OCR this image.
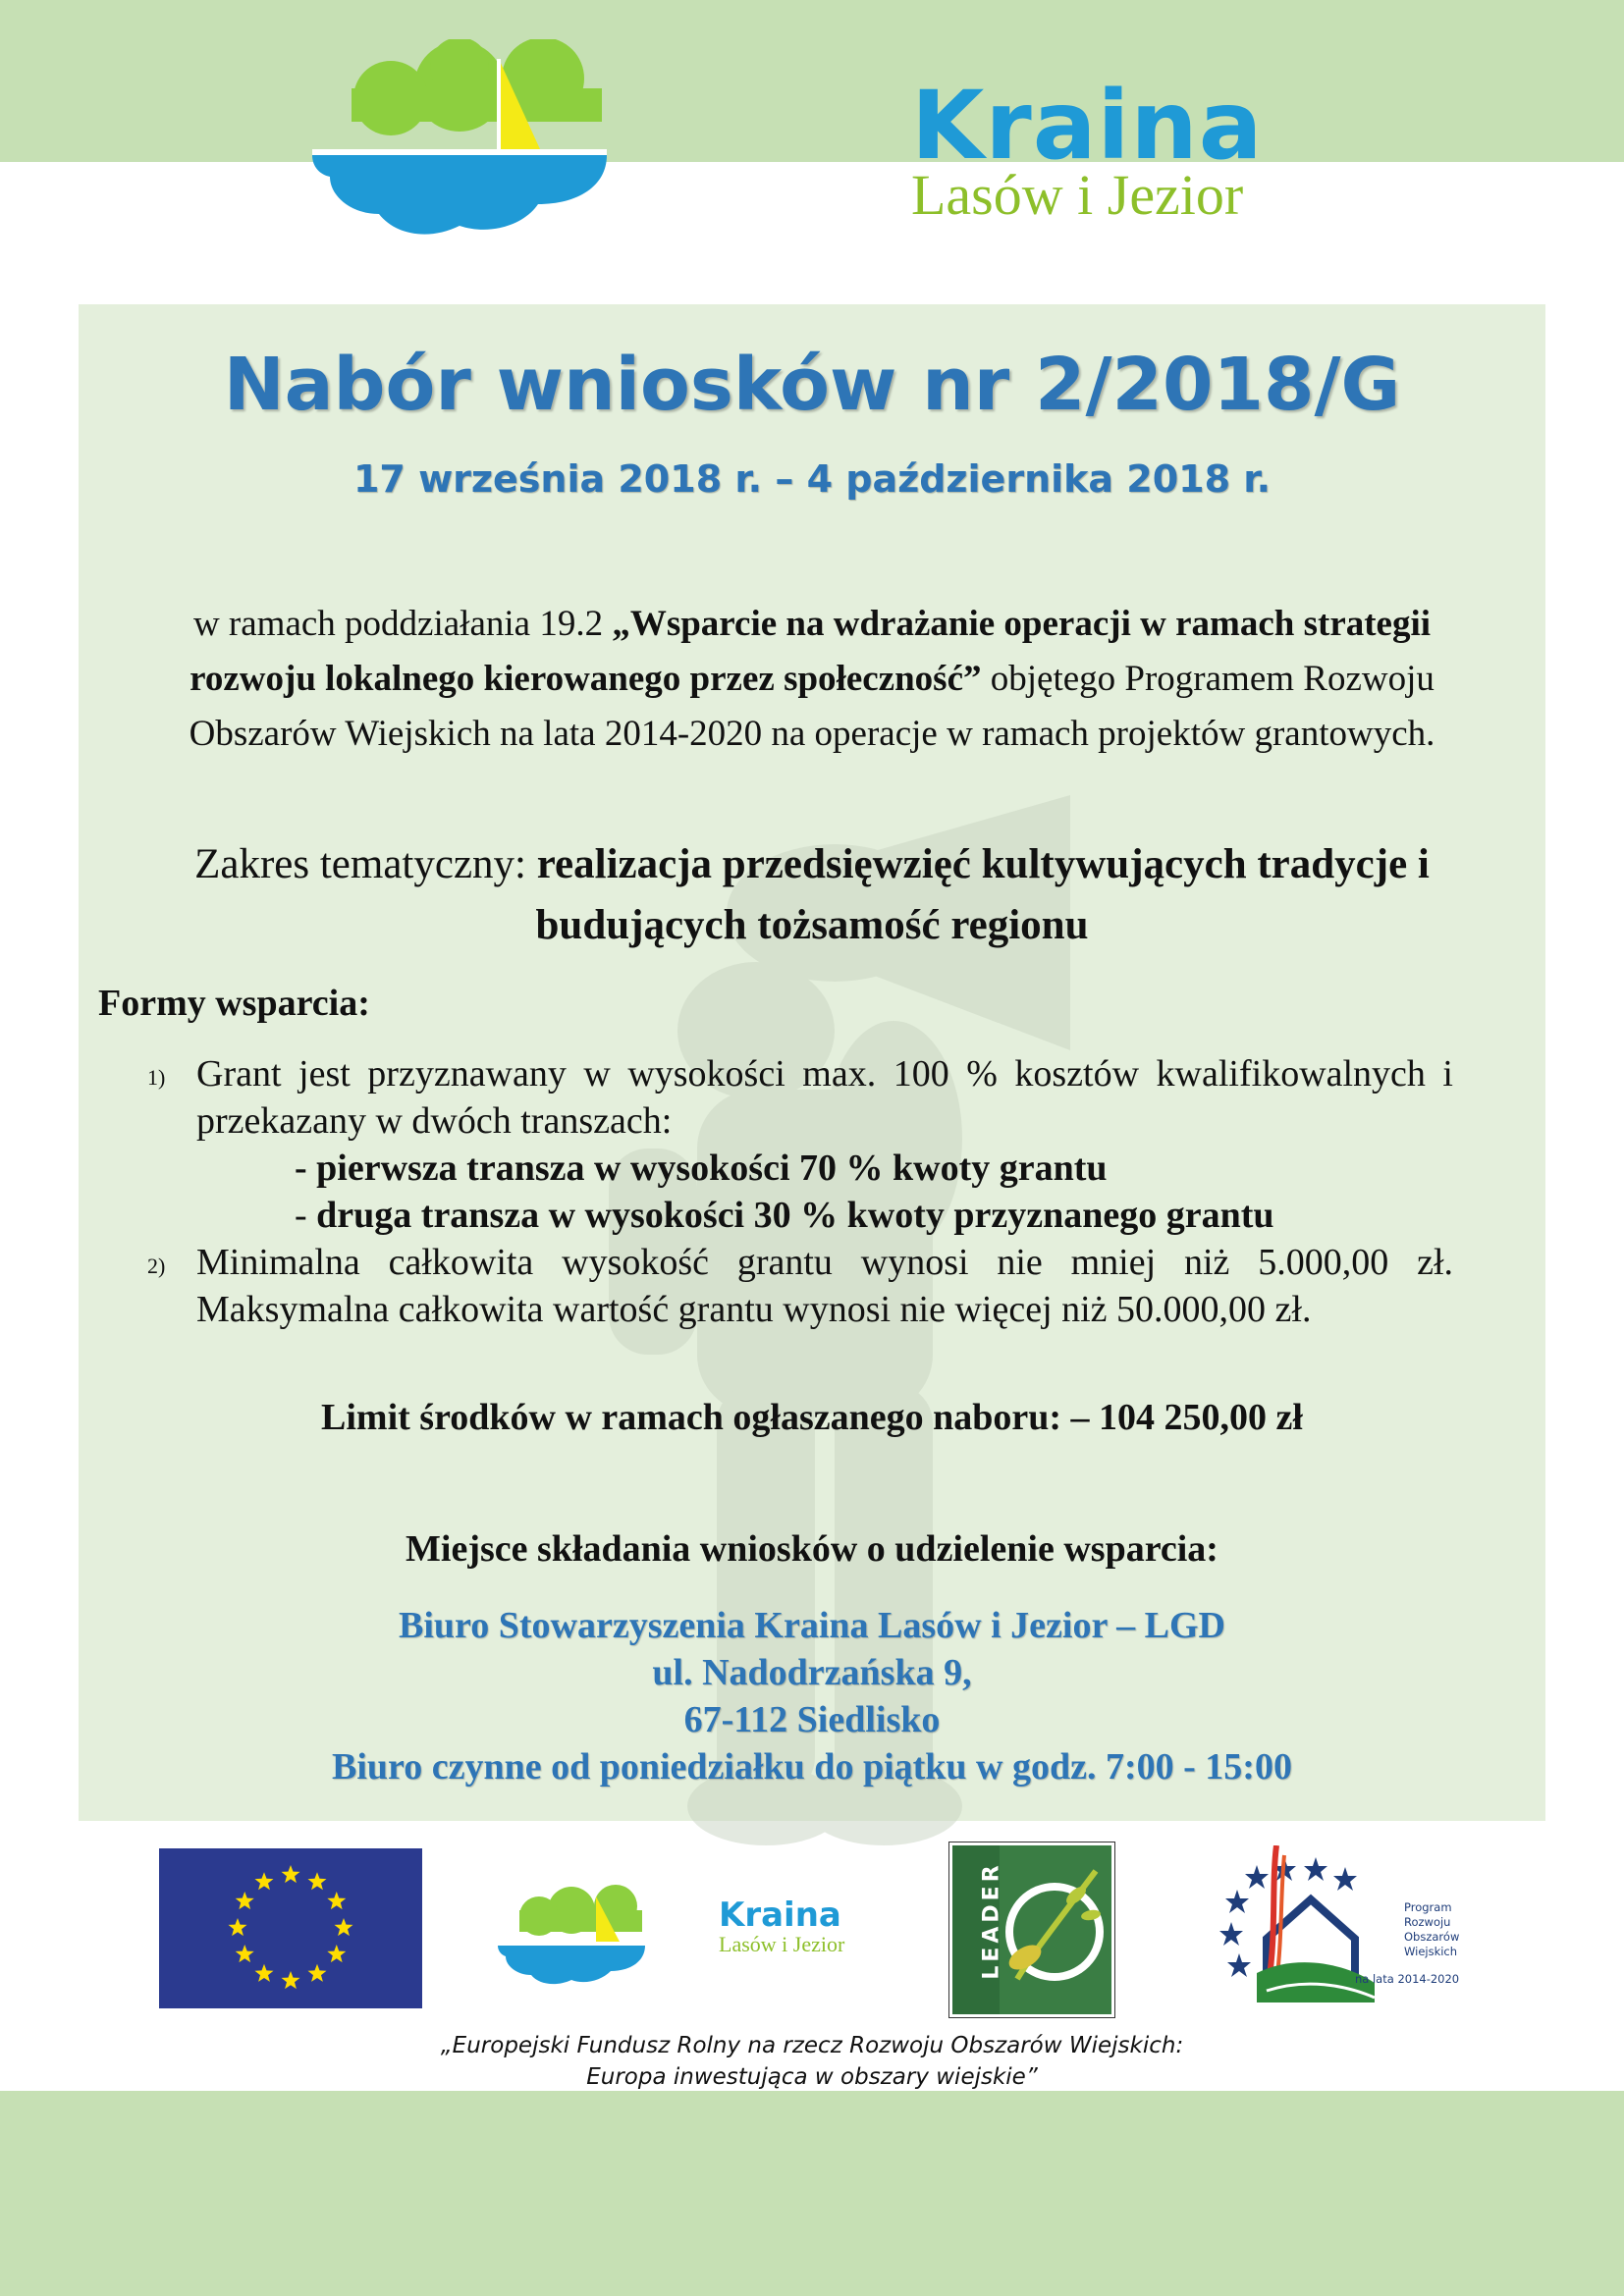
Kraina
Lasów i Jezior
Nabór wniosków nr 2/2018/G
17 września 2018 r. – 4 października 2018 r.
w ramach poddziałania 19.2 „Wsparcie na wdrażanie operacji w ramach strategii rozwoju lokalnego kierowanego przez społeczność” objętego Programem Rozwoju Obszarów Wiejskich na lata 2014-2020 na operacje w ramach projektów grantowych.
Zakres tematyczny: realizacja przedsięwzięć kultywujących tradycje i budujących tożsamość regionu
Formy wsparcia:
1) Grant jest przyznawany w wysokości max. 100 % kosztów kwalifikowalnych i przekazany w dwóch transzach:
- pierwsza transza w wysokości 70 % kwoty grantu
- druga transza w wysokości 30 % kwoty przyznanego grantu
2) Minimalna całkowita wysokość grantu wynosi nie mniej niż 5.000,00 zł. Maksymalna całkowita wartość grantu wynosi nie więcej niż 50.000,00 zł.
Limit środków w ramach ogłaszanego naboru: – 104 250,00 zł
Miejsce składania wniosków o udzielenie wsparcia:
Biuro Stowarzyszenia Kraina Lasów i Jezior – LGD
ul. Nadodrzańska 9,
67-112 Siedlisko
Biuro czynne od poniedziałku do piątku w godz. 7:00 - 15:00
Kraina
Lasów i Jezior	LEADER	Program
Rozwoju
Obszarów
Wiejskich
na lata 2014-2020
„Europejski Fundusz Rolny na rzecz Rozwoju Obszarów Wiejskich:
Europa inwestująca w obszary wiejskie”
